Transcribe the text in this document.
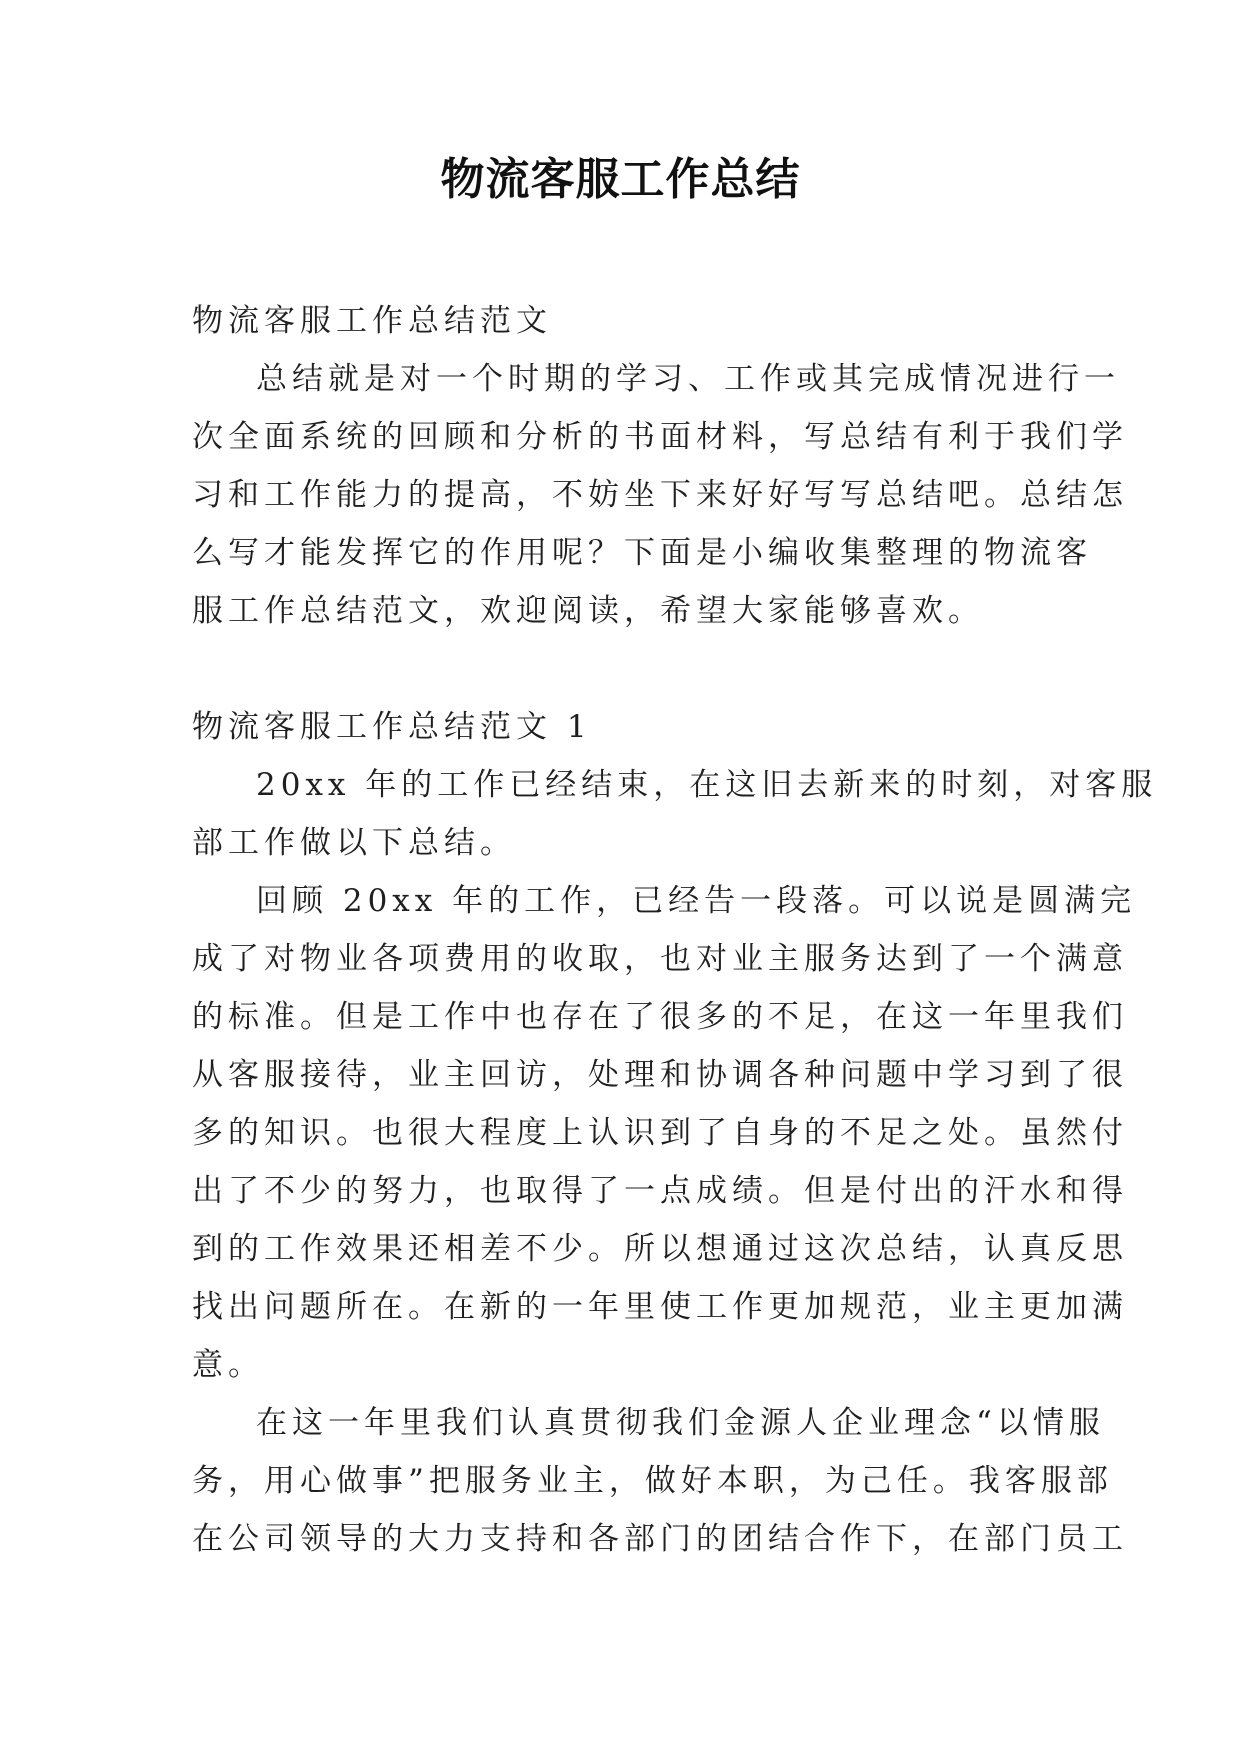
物流客服工作总结
物流客服工作总结范文
总结就是对一个时期的学习、工作或其完成情况进行一
次全面系统的回顾和分析的书面材料，写总结有利于我们学
习和工作能力的提高，不妨坐下来好好写写总结吧。总结怎
么写才能发挥它的作用呢？下面是小编收集整理的物流客
服工作总结范文，欢迎阅读，希望大家能够喜欢。
物流客服工作总结范文 1
20xx 年的工作已经结束，在这旧去新来的时刻，对客服
部工作做以下总结。
回顾 20xx 年的工作，已经告一段落。可以说是圆满完
成了对物业各项费用的收取，也对业主服务达到了一个满意
的标准。但是工作中也存在了很多的不足，在这一年里我们
从客服接待，业主回访，处理和协调各种问题中学习到了很
多的知识。也很大程度上认识到了自身的不足之处。虽然付
出了不少的努力，也取得了一点成绩。但是付出的汗水和得
到的工作效果还相差不少。所以想通过这次总结，认真反思
找出问题所在。在新的一年里使工作更加规范，业主更加满
意。
在这一年里我们认真贯彻我们金源人企业理念“以情服
务，用心做事”把服务业主，做好本职，为己任。我客服部
在公司领导的大力支持和各部门的团结合作下，在部门员工
